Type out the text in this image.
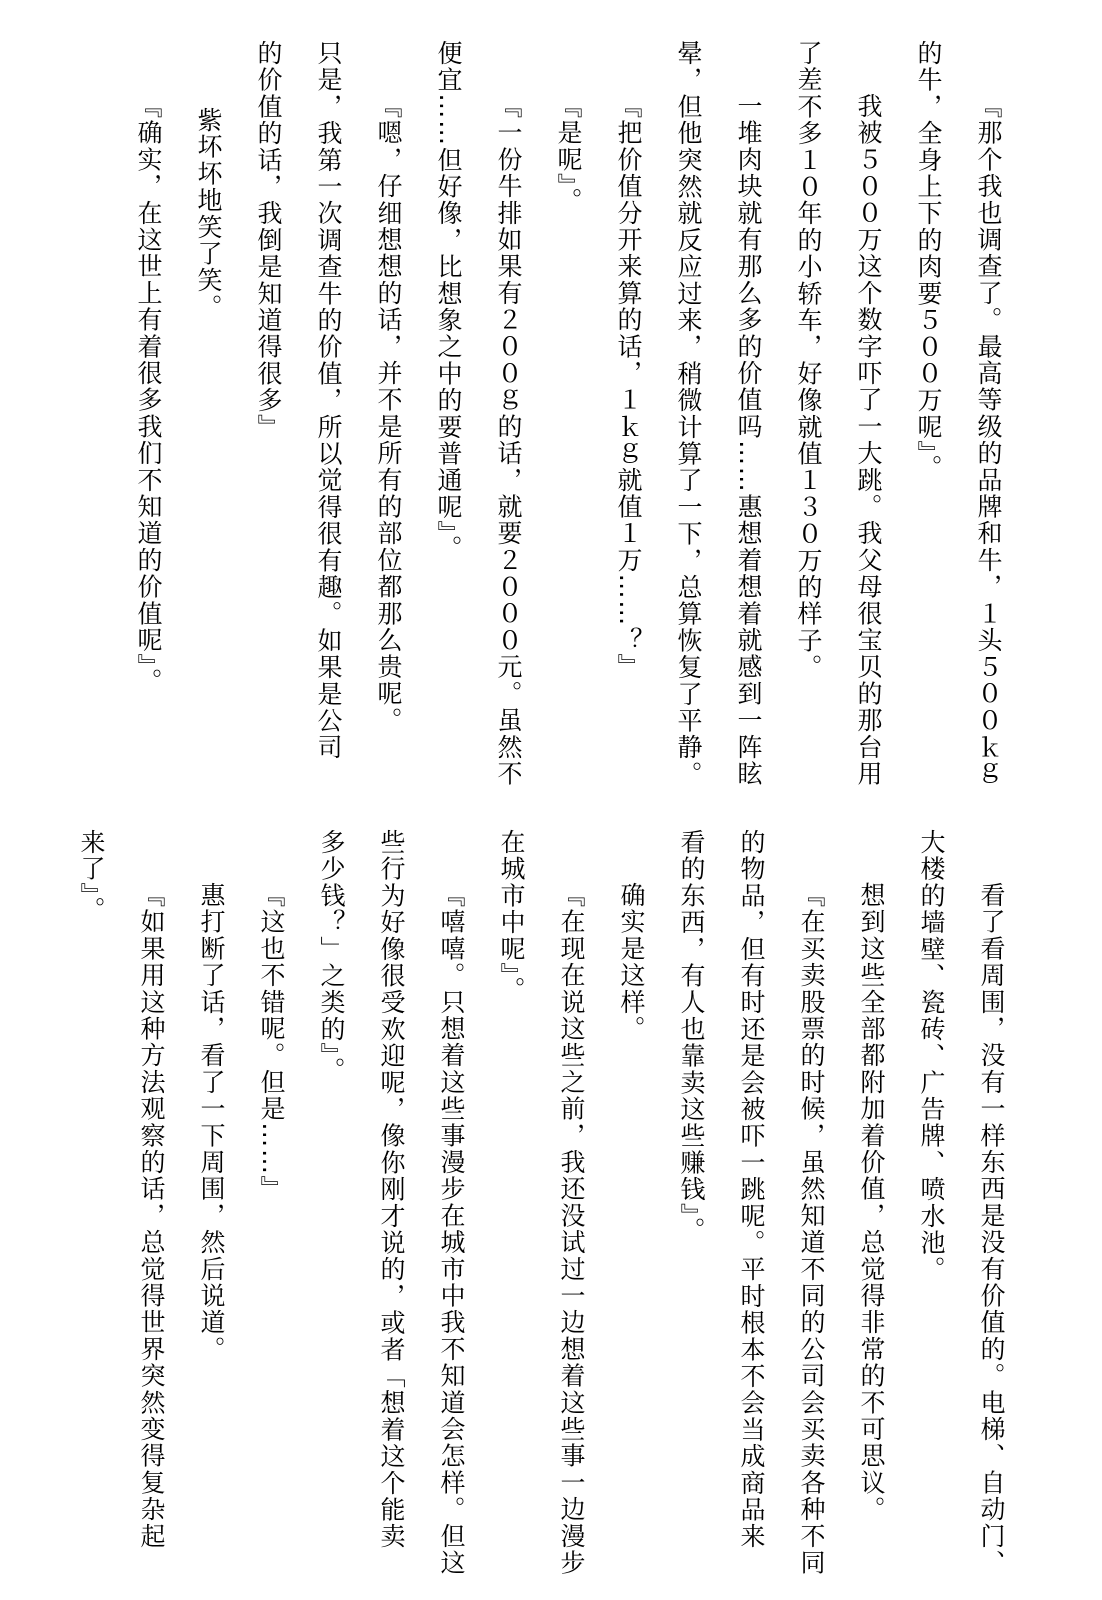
『那个我也调查了。最高等级的品牌和牛，１头５００ｋｇ
的牛，全身上下的肉要５００万呢』。
我被５００万这个数字吓了一大跳。我父母很宝贝的那台用
了差不多１０年的小轿车，好像就值１３０万的样子。
一堆肉块就有那么多的价值吗……惠想着想着就感到一阵眩
晕，但他突然就反应过来，稍微计算了一下，总算恢复了平静。
『把价值分开来算的话，１ｋｇ就值１万……？』
『是呢』。
『一份牛排如果有２００ｇ的话，就要２０００元。虽然不
便宜……但好像，比想象之中的要普通呢』。
『嗯，仔细想想的话，并不是所有的部位都那么贵呢。
只是，我第一次调查牛的价值，所以觉得很有趣。如果是公司
的价值的话，我倒是知道得很多』
紫坏坏地笑了笑。
『确实，在这世上有着很多我们不知道的价值呢』。
看了看周围，没有一样东西是没有价值的。电梯、自动门、
大楼的墙壁、瓷砖、广告牌、喷水池。
想到这些全部都附加着价值，总觉得非常的不可思议。
『在买卖股票的时候，虽然知道不同的公司会买卖各种不同
的物品，但有时还是会被吓一跳呢。平时根本不会当成商品来
看的东西，有人也靠卖这些赚钱』。
确实是这样。
『在现在说这些之前，我还没试过一边想着这些事一边漫步
在城市中呢』。
『嘻嘻。只想着这些事漫步在城市中我不知道会怎样。但这
些行为好像很受欢迎呢，像你刚才说的，或者「想着这个能卖
多少钱？」之类的』。
『这也不错呢。但是……』
惠打断了话，看了一下周围，然后说道。
『如果用这种方法观察的话，总觉得世界突然变得复杂起
来了』。
